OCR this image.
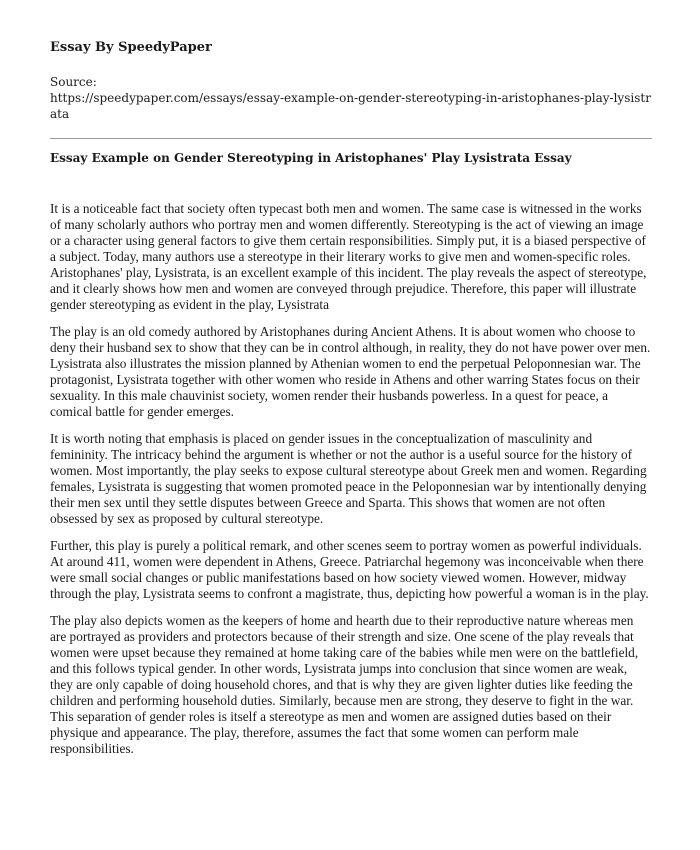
Essay By SpeedyPaper
Source:
https://speedypaper.com/essays/essay-example-on-gender-stereotyping-in-aristophanes-play-lysistrata
Essay Example on Gender Stereotyping in Aristophanes' Play Lysistrata Essay

It is a noticeable fact that society often typecast both men and women. The same case is witnessed in the works of many scholarly authors who portray men and women differently. Stereotyping is the act of viewing an image or a character using general factors to give them certain responsibilities. Simply put, it is a biased perspective of a subject. Today, many authors use a stereotype in their literary works to give men and women-specific roles. Aristophanes' play, Lysistrata, is an excellent example of this incident. The play reveals the aspect of stereotype, and it clearly shows how men and women are conveyed through prejudice. Therefore, this paper will illustrate gender stereotyping as evident in the play, Lysistrata

The play is an old comedy authored by Aristophanes during Ancient Athens. It is about women who choose to deny their husband sex to show that they can be in control although, in reality, they do not have power over men. Lysistrata also illustrates the mission planned by Athenian women to end the perpetual Peloponnesian war. The protagonist, Lysistrata together with other women who reside in Athens and other warring States focus on their sexuality. In this male chauvinist society, women render their husbands powerless. In a quest for peace, a comical battle for gender emerges.

It is worth noting that emphasis is placed on gender issues in the conceptualization of masculinity and femininity. The intricacy behind the argument is whether or not the author is a useful source for the history of women. Most importantly, the play seeks to expose cultural stereotype about Greek men and women. Regarding females, Lysistrata is suggesting that women promoted peace in the Peloponnesian war by intentionally denying their men sex until they settle disputes between Greece and Sparta. This shows that women are not often obsessed by sex as proposed by cultural stereotype.

Further, this play is purely a political remark, and other scenes seem to portray women as powerful individuals. At around 411, women were dependent in Athens, Greece. Patriarchal hegemony was inconceivable when there were small social changes or public manifestations based on how society viewed women. However, midway through the play, Lysistrata seems to confront a magistrate, thus, depicting how powerful a woman is in the play.

The play also depicts women as the keepers of home and hearth due to their reproductive nature whereas men are portrayed as providers and protectors because of their strength and size. One scene of the play reveals that women were upset because they remained at home taking care of the babies while men were on the battlefield, and this follows typical gender. In other words, Lysistrata jumps into conclusion that since women are weak, they are only capable of doing household chores, and that is why they are given lighter duties like feeding the children and performing household duties. Similarly, because men are strong, they deserve to fight in the war. This separation of gender roles is itself a stereotype as men and women are assigned duties based on their physique and appearance. The play, therefore, assumes the fact that some women can perform male responsibilities.
